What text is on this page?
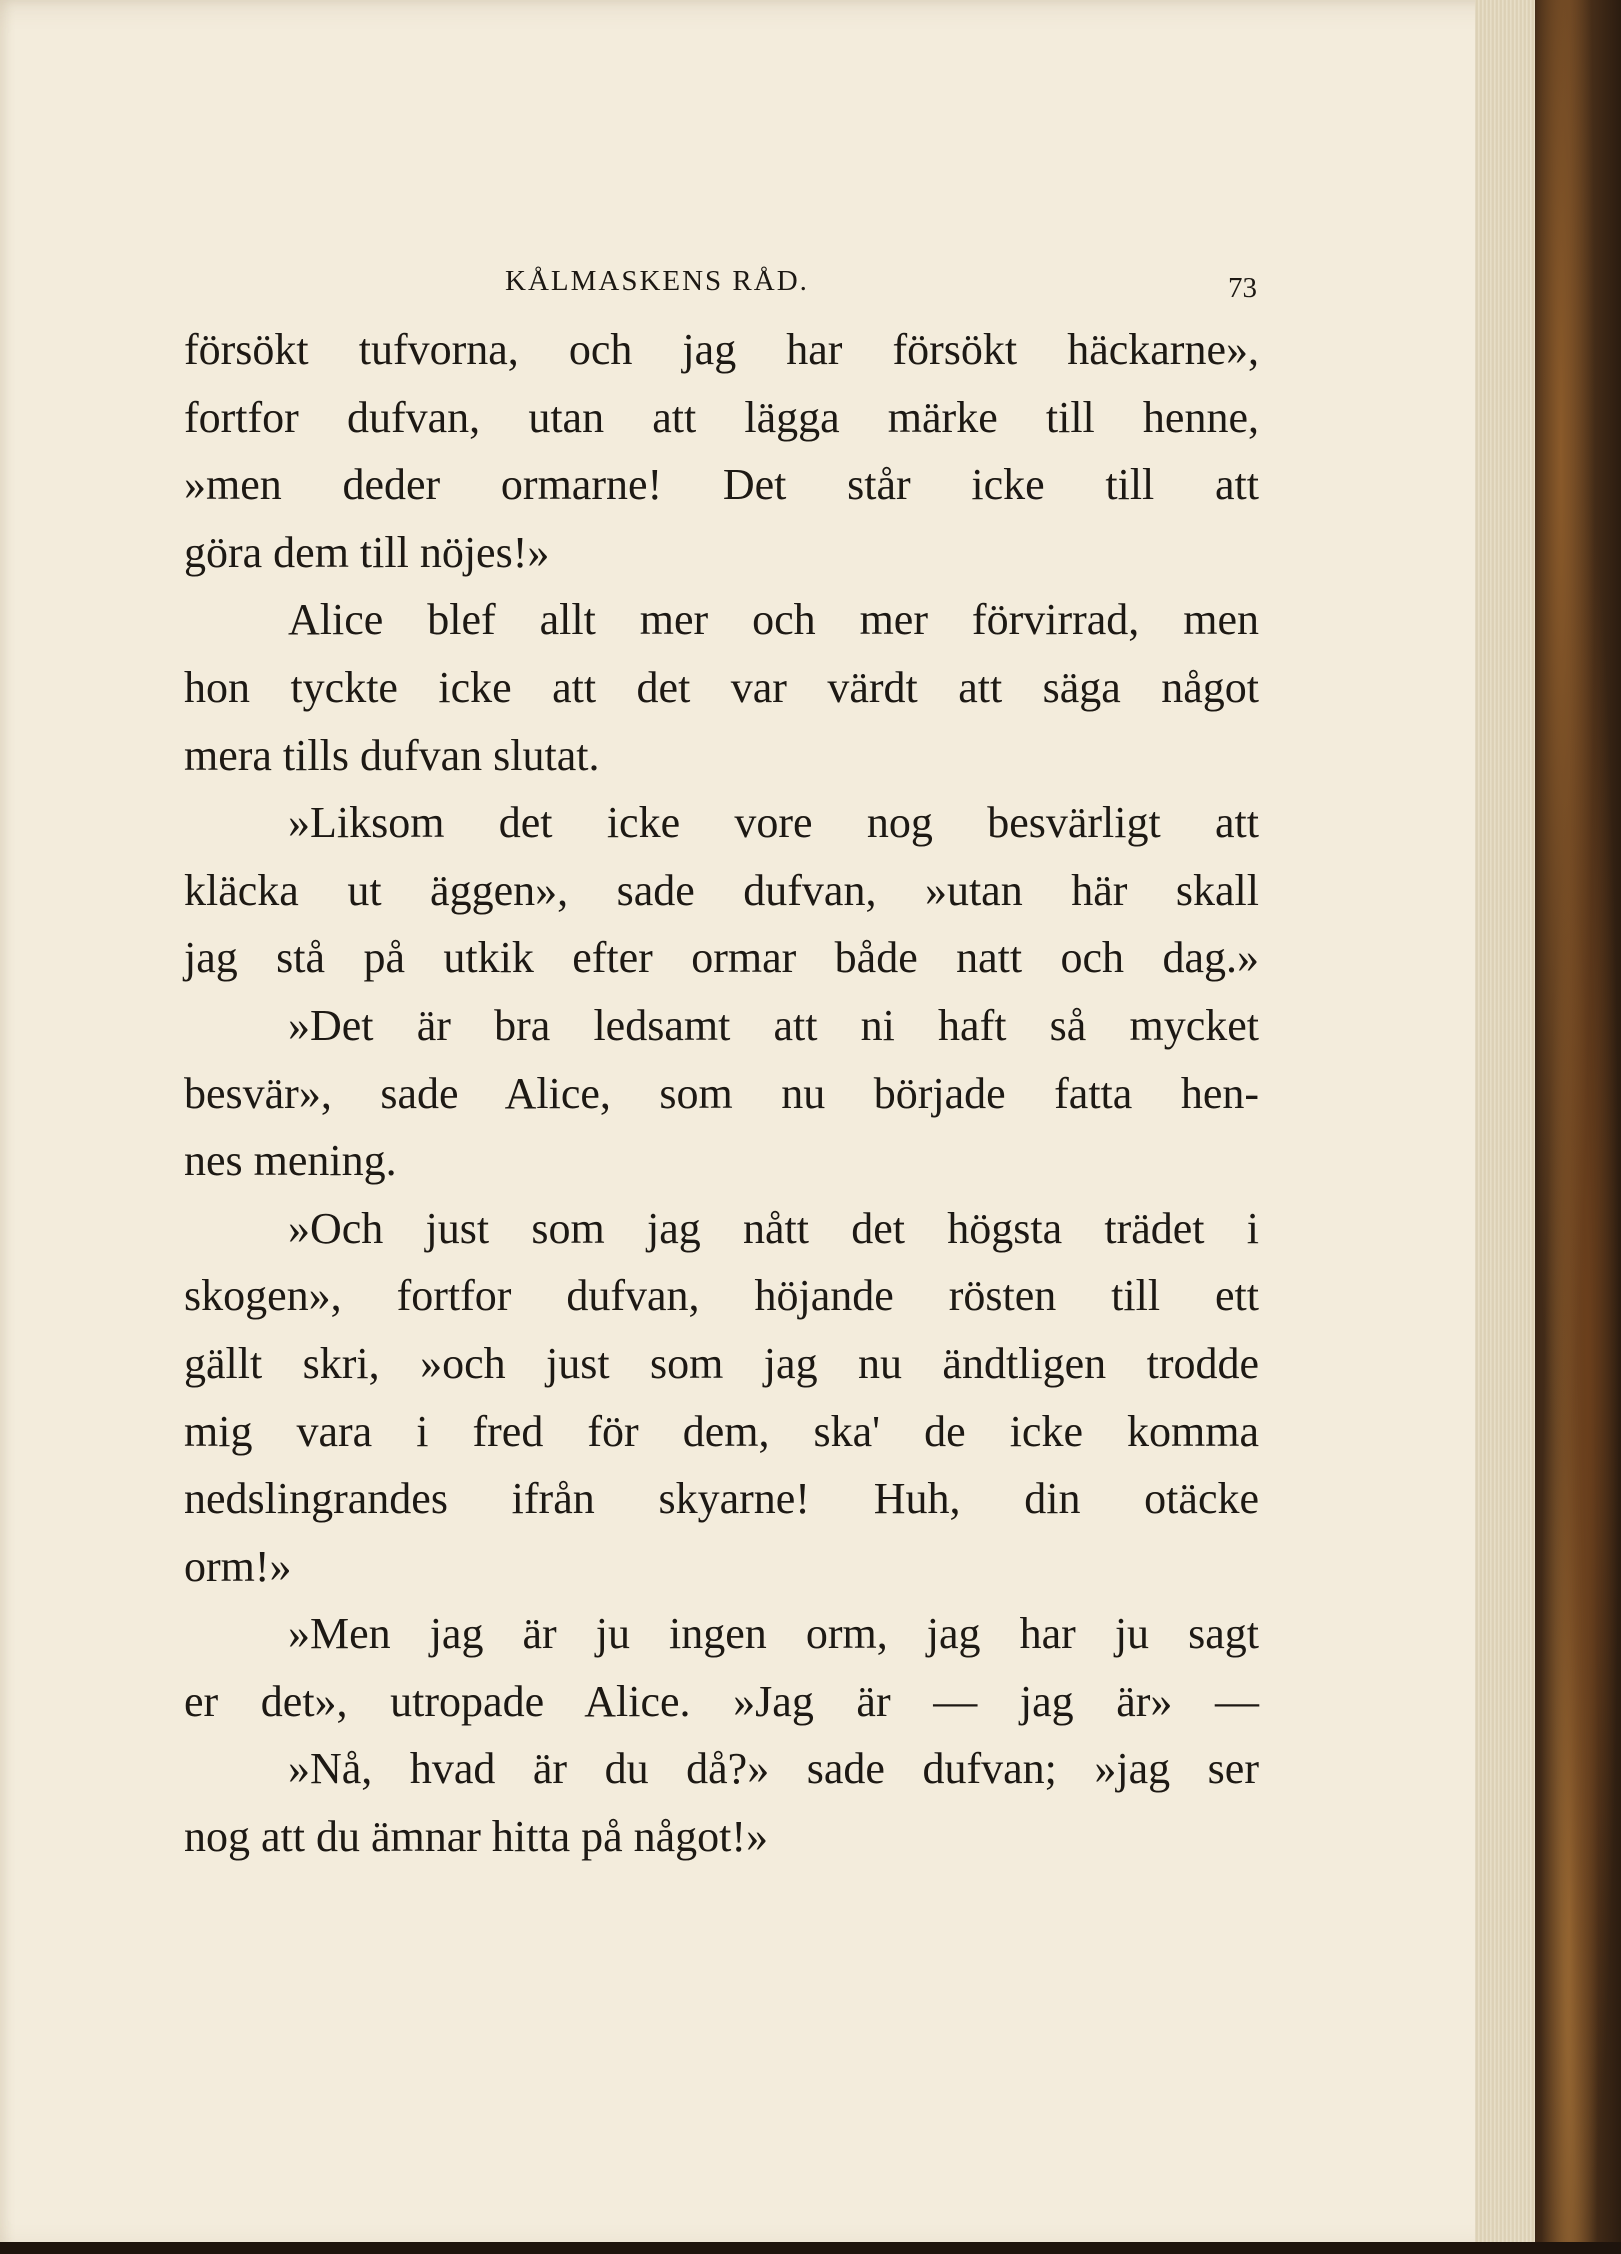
KÅLMASKENS RÅD.	73
försökt tufvorna, och jag har försökt häckarne»,
fortfor dufvan, utan att lägga märke till henne,
»men deder ormarne! Det står icke till att
göra dem till nöjes!»
Alice blef allt mer och mer förvirrad, men
hon tyckte icke att det var värdt att säga något
mera tills dufvan slutat.
»Liksom det icke vore nog besvärligt att
kläcka ut äggen», sade dufvan, »utan här skall
jag stå på utkik efter ormar både natt och dag.»
»Det är bra ledsamt att ni haft så mycket
besvär», sade Alice, som nu började fatta hen-
nes mening.
»Och just som jag nått det högsta trädet i
skogen», fortfor dufvan, höjande rösten till ett
gällt skri, »och just som jag nu ändtligen trodde
mig vara i fred för dem, ska' de icke komma
nedslingrandes ifrån skyarne! Huh, din otäcke
orm!»
»Men jag är ju ingen orm, jag har ju sagt
er det», utropade Alice. »Jag är — jag är» —
»Nå, hvad är du då?» sade dufvan; »jag ser
nog att du ämnar hitta på något!»
